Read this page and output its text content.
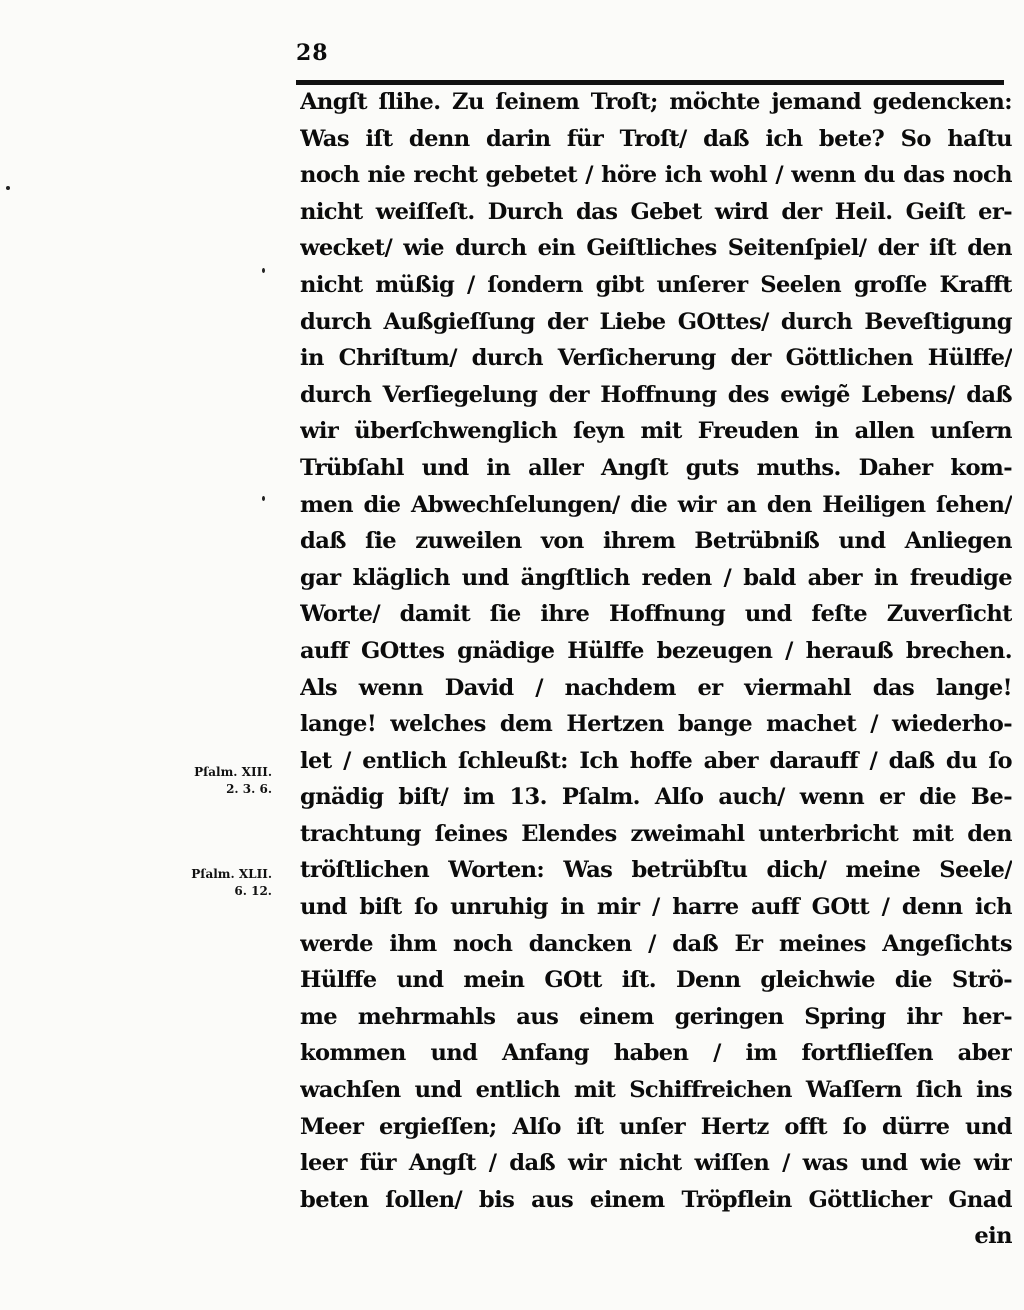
28
Pſalm. XIII.
2. 3. 6.
Pſalm. XLII.
6. 12.
Angſt ſlihe. Zu ſeinem Troſt; möchte jemand gedencken:
Was iſt denn darin für Troſt/ daß ich bete? So haſtu
noch nie recht gebetet / höre ich wohl / wenn du das noch
nicht weiſſeſt. Durch das Gebet wird der Heil. Geiſt er-
wecket/ wie durch ein Geiſtliches Seitenſpiel/ der iſt den
nicht müßig / ſondern gibt unſerer Seelen groſſe Krafft
durch Außgieſſung der Liebe GOttes/ durch Beveſtigung
in Chriſtum/ durch Verſicherung der Göttlichen Hülffe/
durch Verſiegelung der Hoffnung des ewigẽ Lebens/ daß
wir überſchwenglich ſeyn mit Freuden in allen unſern
Trübſahl und in aller Angſt guts muths. Daher kom-
men die Abwechſelungen/ die wir an den Heiligen ſehen/
daß ſie zuweilen von ihrem Betrübniß und Anliegen
gar kläglich und ängſtlich reden / bald aber in freudige
Worte/ damit ſie ihre Hoffnung und feſte Zuverſicht
auff GOttes gnädige Hülffe bezeugen / herauß brechen.
Als wenn David / nachdem er viermahl das lange!
lange! welches dem Hertzen bange machet / wiederho-
let / entlich ſchleußt: Ich hoffe aber darauff / daß du ſo
gnädig biſt/ im 13. Pſalm. Alſo auch/ wenn er die Be-
trachtung ſeines Elendes zweimahl unterbricht mit den
tröſtlichen Worten: Was betrübſtu dich/ meine Seele/
und biſt ſo unruhig in mir / harre auff GOtt / denn ich
werde ihm noch dancken / daß Er meines Angeſichts
Hülffe und mein GOtt iſt. Denn gleichwie die Strö-
me mehrmahls aus einem geringen Spring ihr her-
kommen und Anfang haben / im fortflieſſen aber
wachſen und entlich mit Schiffreichen Waſſern ſich ins
Meer ergieſſen; Alſo iſt unſer Hertz offt ſo dürre und
leer für Angſt / daß wir nicht wiſſen / was und wie wir
beten ſollen/ bis aus einem Tröpflein Göttlicher Gnad
ein
